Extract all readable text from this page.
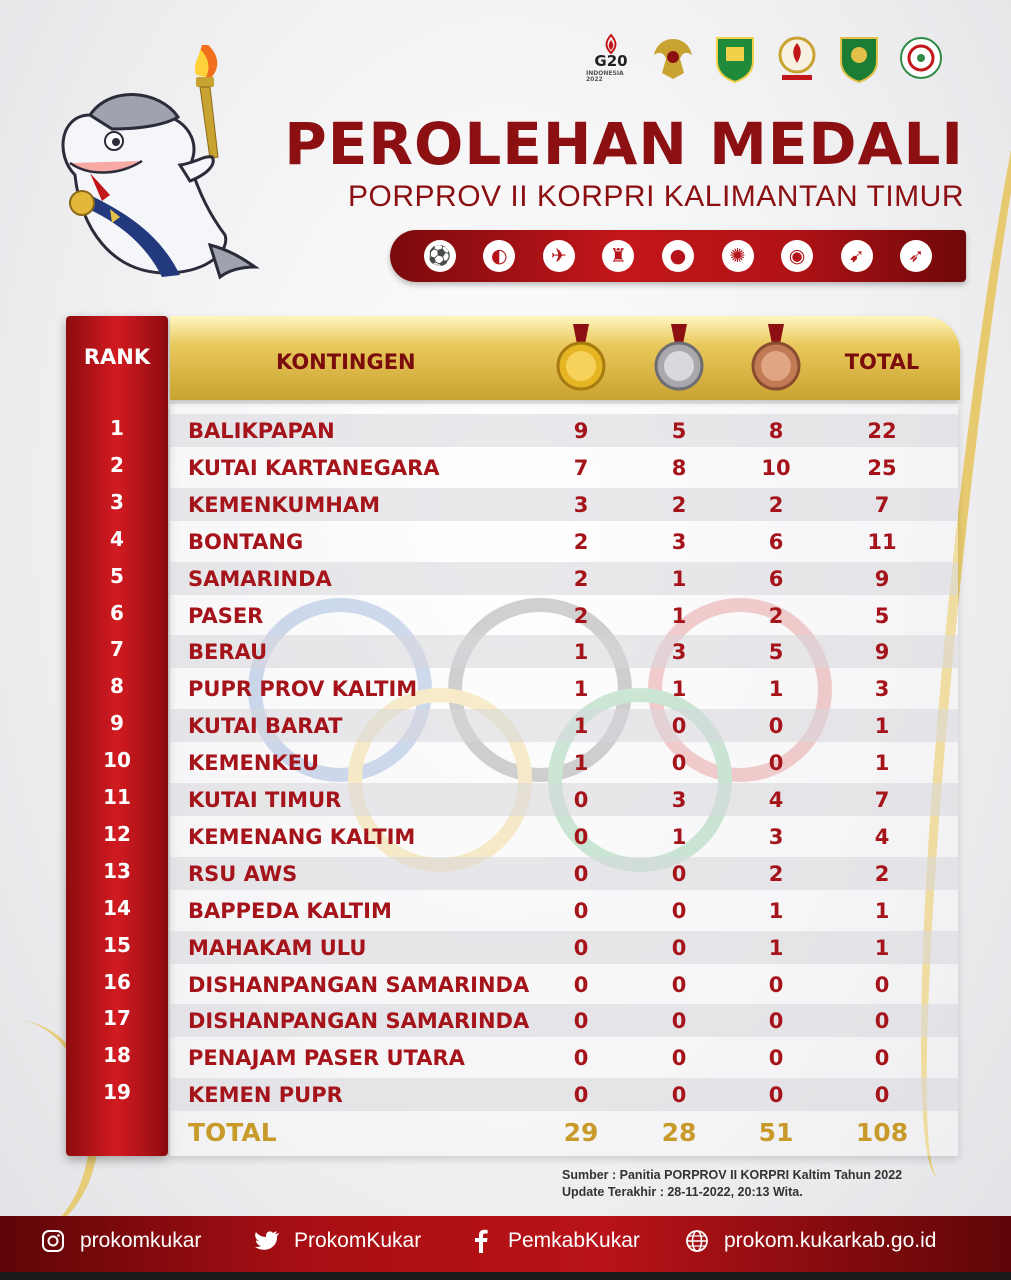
G20
INDONESIA 2022
PEROLEHAN MEDALI
PORPROV II KORPRI KALIMANTAN TIMUR
⚽	◐	✈	♜	●	✺	◉	➹	➶
RANK	KONTINGEN	TOTAL
1	BALIKPAPAN	9	5	8	22
2	KUTAI KARTANEGARA	7	8	10	25
3	KEMENKUMHAM	3	2	2	7
4	BONTANG	2	3	6	11
5	SAMARINDA	2	1	6	9
6	PASER	2	1	2	5
7	BERAU	1	3	5	9
8	PUPR PROV KALTIM	1	1	1	3
9	KUTAI BARAT	1	0	0	1
10	KEMENKEU	1	0	0	1
11	KUTAI TIMUR	0	3	4	7
12	KEMENANG KALTIM	0	1	3	4
13	RSU AWS	0	0	2	2
14	BAPPEDA KALTIM	0	0	1	1
15	MAHAKAM ULU	0	0	1	1
16	DISHANPANGAN SAMARINDA	0	0	0	0
17	DISHANPANGAN SAMARINDA	0	0	0	0
18	PENAJAM PASER UTARA	0	0	0	0
19	KEMEN PUPR	0	0	0	0
TOTAL	29	28	51	108
Sumber : Panitia PORPROV II KORPRI Kaltim Tahun 2022
Update Terakhir : 28-11-2022, 20:13 Wita.
prokomkukar	ProkomKukar	PemkabKukar	prokom.kukarkab.go.id
